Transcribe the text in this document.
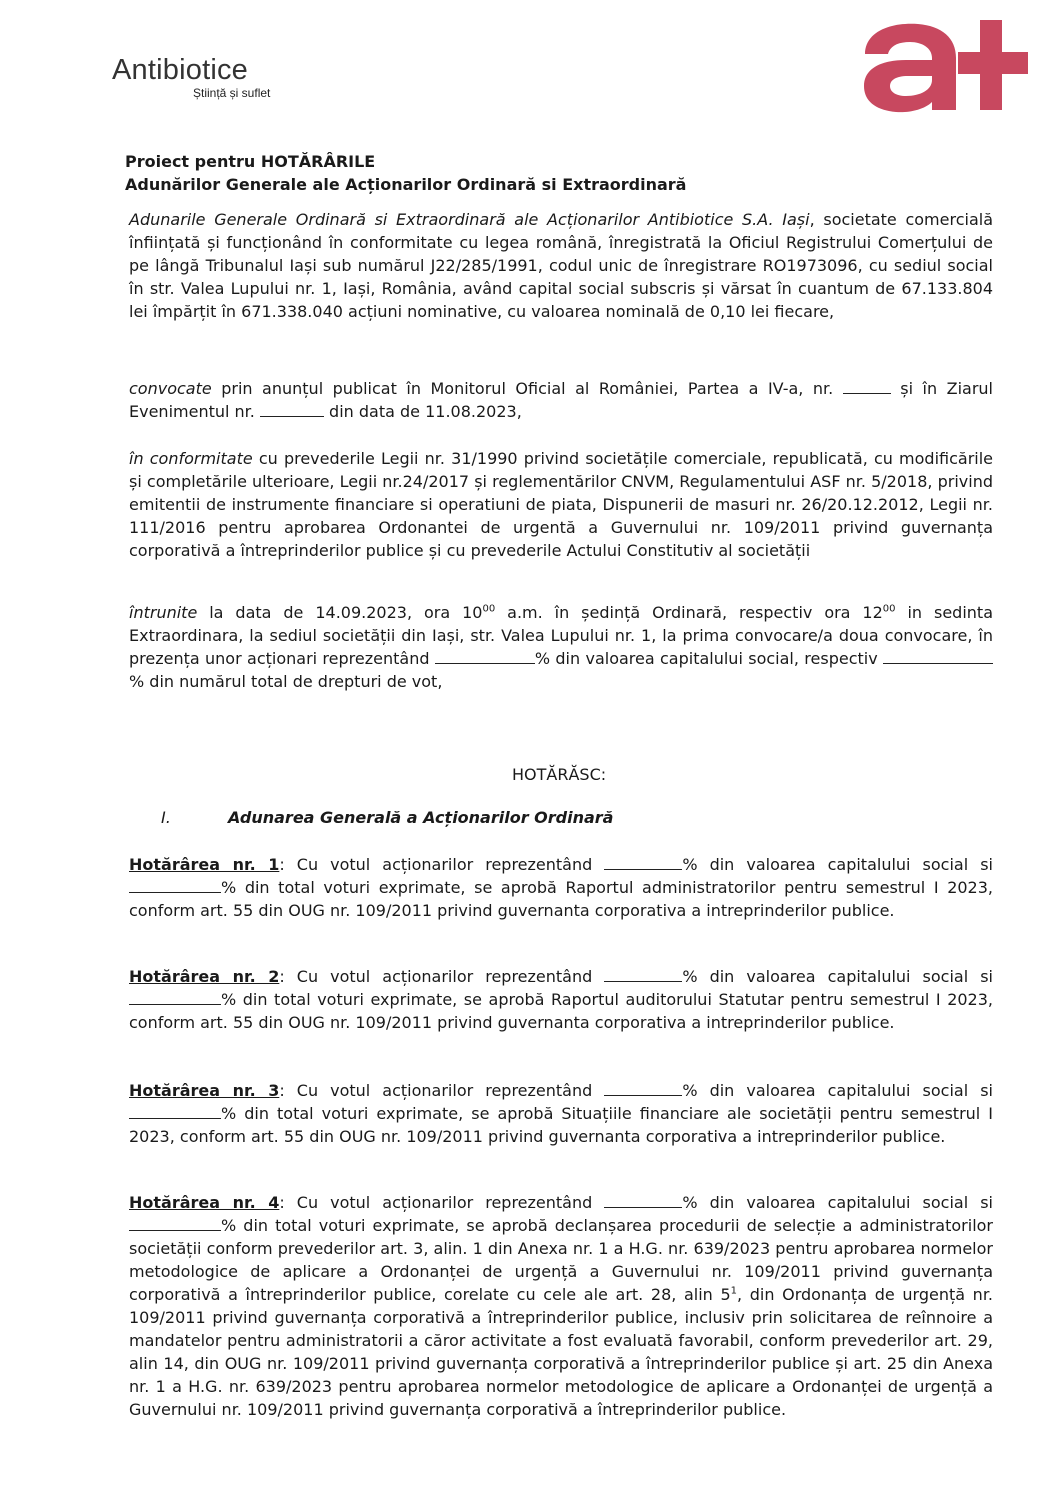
Antibiotice
Știință și suflet
Proiect pentru HOTĂRÂRILE
Adunărilor Generale ale Acționarilor Ordinară si Extraordinară

Adunarile Generale Ordinară si Extraordinară ale Acționarilor Antibiotice S.A. Iași, societate comercială înființată și funcționând în conformitate cu legea română, înregistrată la Oficiul Registrului Comerțului de pe lângă Tribunalul Iași sub numărul J22/285/1991, codul unic de înregistrare RO1973096, cu sediul social în str. Valea Lupului nr. 1, Iași, România, având capital social subscris și vărsat în cuantum de 67.133.804 lei împărțit în 671.338.040 acțiuni nominative, cu valoarea nominală de 0,10 lei fiecare,

convocate prin anunțul publicat în Monitorul Oficial al României, Partea a IV-a, nr.	și în Ziarul Evenimentul nr.	din data de 11.08.2023,

în conformitate cu prevederile Legii nr. 31/1990 privind societățile comerciale, republicată, cu modificările și completările ulterioare, Legii nr.24/2017 și reglementărilor CNVM, Regulamentului ASF nr. 5/2018, privind emitentii de instrumente financiare si operatiuni de piata, Dispunerii de masuri nr. 26/20.12.2012, Legii nr. 111/2016 pentru aprobarea Ordonantei de urgentă a Guvernului nr. 109/2011 privind guvernanța corporativă a întreprinderilor publice și cu prevederile Actului Constitutiv al societății

întrunite la data de 14.09.2023, ora $10^{00}$ a.m. în ședință Ordinară, respectiv ora $12^{00}$ in sedinta Extraordinara, la sediul societății din Iași, str. Valea Lupului nr. 1, la prima convocare/a doua convocare, în prezența unor acționari reprezentând	% din valoarea capitalului social, respectiv % din numărul total de drepturi de vot,

HOTĂRĂSC:
I.	Adunarea Generală a Acționarilor Ordinară

Hotărârea nr. 1: Cu votul acționarilor reprezentând	% din valoarea capitalului social si % din total voturi exprimate, se aprobă Raportul administratorilor pentru semestrul I 2023, conform art. 55 din OUG nr. 109/2011 privind guvernanta corporativa a intreprinderilor publice.

Hotărârea nr. 2: Cu votul acționarilor reprezentând	% din valoarea capitalului social si % din total voturi exprimate, se aprobă Raportul auditorului Statutar pentru semestrul I 2023, conform art. 55 din OUG nr. 109/2011 privind guvernanta corporativa a intreprinderilor publice.

Hotărârea nr. 3: Cu votul acționarilor reprezentând	% din valoarea capitalului social si % din total voturi exprimate, se aprobă Situațiile financiare ale societății pentru semestrul I 2023, conform art. 55 din OUG nr. 109/2011 privind guvernanta corporativa a intreprinderilor publice.

Hotărârea nr. 4: Cu votul acționarilor reprezentând	% din valoarea capitalului social si % din total voturi exprimate, se aprobă declanșarea procedurii de selecție a administratorilor societății conform prevederilor art. 3, alin. 1 din Anexa nr. 1 a H.G. nr. 639/2023 pentru aprobarea normelor metodologice de aplicare a Ordonanței de urgență a Guvernului nr. 109/2011 privind guvernanța corporativă a întreprinderilor publice, corelate cu cele ale art. 28, alin $5^1$, din Ordonanța de urgență nr. 109/2011 privind guvernanța corporativă a întreprinderilor publice, inclusiv prin solicitarea de reînnoire a mandatelor pentru administratorii a căror activitate a fost evaluată favorabil, conform prevederilor art. 29, alin 14, din OUG nr. 109/2011 privind guvernanța corporativă a întreprinderilor publice și art. 25 din Anexa nr. 1 a H.G. nr. 639/2023 pentru aprobarea normelor metodologice de aplicare a Ordonanței de urgență a Guvernului nr. 109/2011 privind guvernanța corporativă a întreprinderilor publice.
